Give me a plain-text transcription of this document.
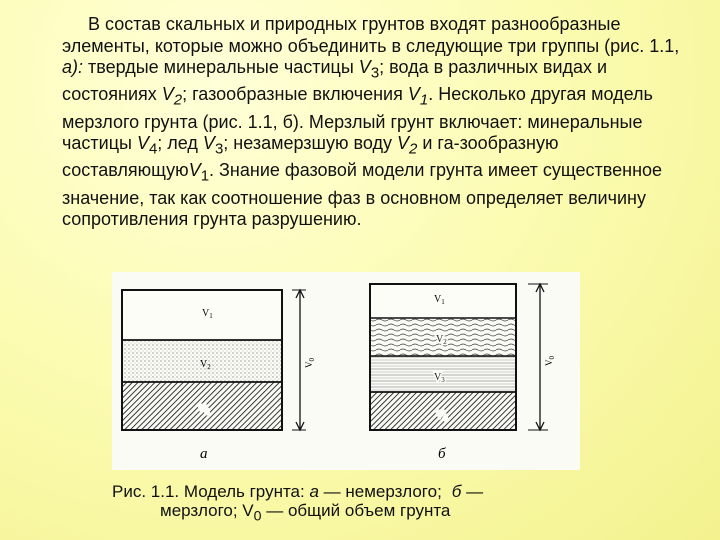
В состав скальных и природных грунтов входят разнообразные элементы, которые можно объединить в следующие три группы (рис. 1.1, а): твердые минеральные частицы $V_3$; вода в различных видах и состояниях $V_2$; газообразные включения $V_1$. Несколько другая модель мерзлого грунта (рис. 1.1, б). Мерзлый грунт включает: минеральные частицы $V_4$; лед $V_3$; незамерзшую воду $V_2$ и га-зообразную составляющуюV$_1$. Знание фазовой модели грунта имеет существенное значение, так как соотношение фаз в основном определяет величину сопротивления грунта разрушению.

$V_1$
$V_2$
$V_3$
$V_0$
а
$V_1$
$V_2$
$V_3$
$V_4$
$V_0$
б
Рис. 1.1. Модель грунта: а — немерзлого; б —
мерзлого; $V_0$ — общий объем грунта
